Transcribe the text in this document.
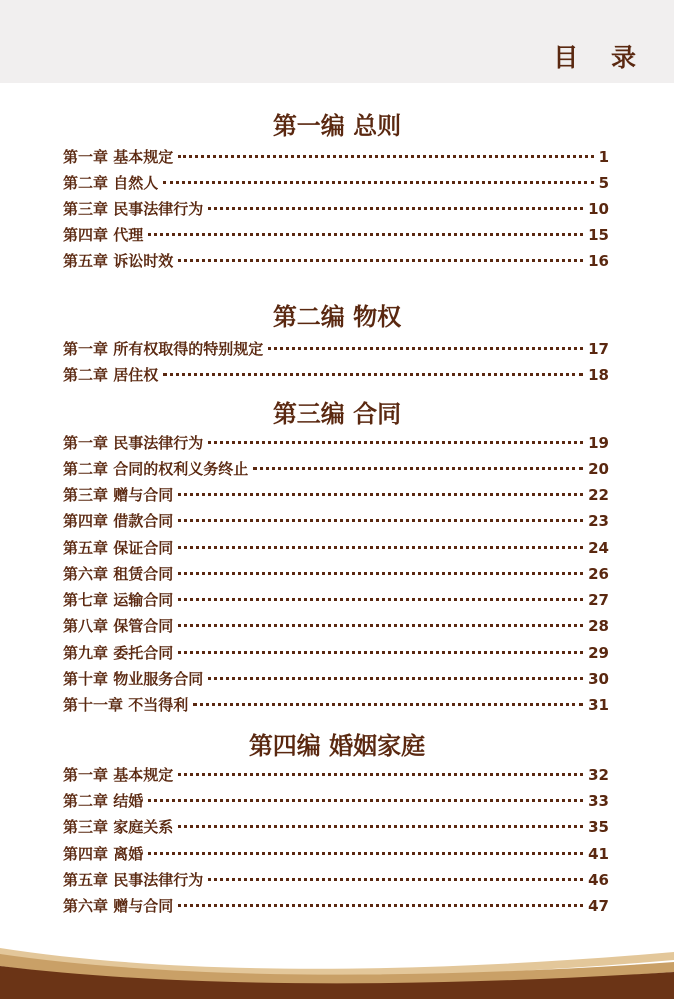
目 录
第一编 总则
第一章 基本规定	1
第二章 自然人	5
第三章 民事法律行为	10
第四章 代理	15
第五章 诉讼时效	16
第二编 物权
第一章 所有权取得的特别规定	17
第二章 居住权	18
第三编 合同
第一章 民事法律行为	19
第二章 合同的权利义务终止	20
第三章 赠与合同	22
第四章 借款合同	23
第五章 保证合同	24
第六章 租赁合同	26
第七章 运输合同	27
第八章 保管合同	28
第九章 委托合同	29
第十章 物业服务合同	30
第十一章 不当得利	31
第四编 婚姻家庭
第一章 基本规定	32
第二章 结婚	33
第三章 家庭关系	35
第四章 离婚	41
第五章 民事法律行为	46
第六章 赠与合同	47
